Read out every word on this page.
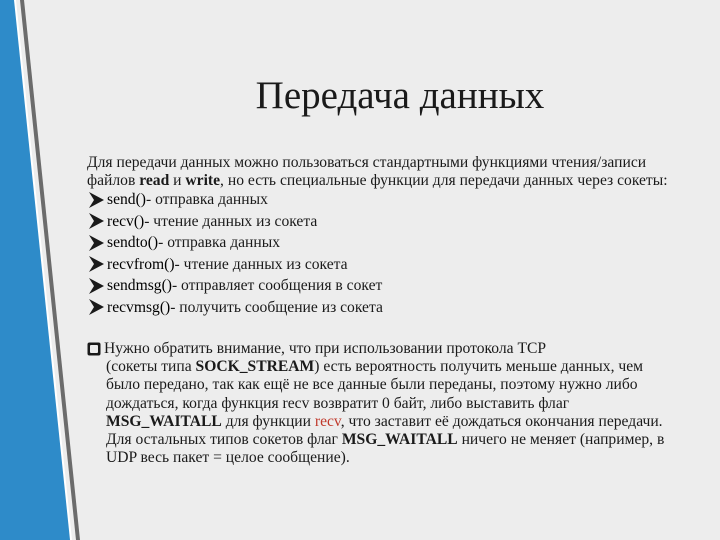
Передача данных

Для передачи данных можно пользоваться стандартными функциями чтения/записи файлов read и write, но есть специальные функции для передачи данных через сокеты:

send() - отправка данных
recv() - чтение данных из сокета
sendto() - отправка данных
recvfrom() - чтение данных из сокета
sendmsg() - отправляет сообщения в сокет
recvmsg() - получить сообщение из сокета
Нужно обратить внимание, что при использовании протокола TCP
(сокеты типа SOCK_STREAM) есть вероятность получить меньше данных, чем было передано, так как ещё не все данные были переданы, поэтому нужно либо дождаться, когда функция recv возвратит 0 байт, либо выставить флаг MSG_WAITALL для функции recv, что заставит её дождаться окончания передачи. Для остальных типов сокетов флаг MSG_WAITALL ничего не меняет (например, в UDP весь пакет = целое сообщение).
